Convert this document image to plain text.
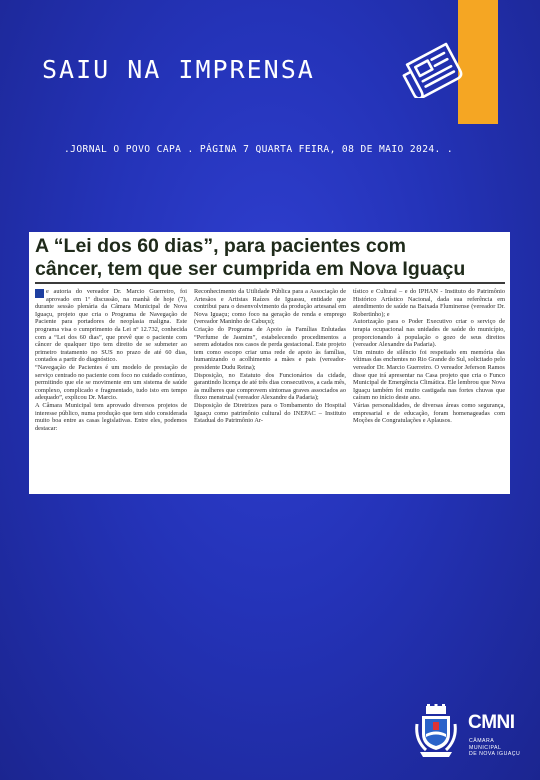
SAIU NA IMPRENSA
.JORNAL O POVO CAPA . PÁGINA 7 QUARTA FEIRA, 08 DE MAIO 2024. .
A “Lei dos 60 dias”, para pacientes com
câncer, tem que ser cumprida em Nova Iguaçu

e autoria do vereador Dr. Marcio Guerreiro, foi aprovado em 1ª discussão, na manhã de hoje (7), durante sessão plenária da Câmara Municipal de Nova Iguaçu, projeto que cria o Programa de Navegação de Paciente para portadores de neoplasia maligna. Este programa visa o cumprimento da Lei nº 12.732, conhecida com a “Lei dos 60 dias”, que prevê que o paciente com câncer de qualquer tipo tem direito de se submeter ao primeiro tratamento no SUS no prazo de até 60 dias, contados a partir do diagnóstico.

“Navegação de Pacientes é um modelo de prestação de serviço centrado no paciente com foco no cuidado contínuo, permitindo que ele se movimente em um sistema de saúde complexo, complicado e fragmentado, tudo isto em tempo adequado”, explicou Dr. Marcio.

A Câmara Municipal tem aprovado diversos projetos de interesse público, numa produção que tem sido considerada muito boa entre as casas legislativas. Entre eles, podemos destacar:

Reconhecimento da Utilidade Pública para a Associação de Artesãos e Artistas Raízes de Iguassu, entidade que contribui para o desenvolvimento da produção artesanal em Nova Iguaçu; como foco na geração de renda e emprego (vereador Maninho de Cabuçu);

Criação do Programa de Apoio às Famílias Enlutadas “Perfume de Jasmim”, estabelecendo procedimentos a serem adotados nos casos de perda gestacional. Este projeto tem como escopo criar uma rede de apoio às famílias, humanizando o acolhimento a mães e pais (vereador-presidente Dudu Reina);

Disposição, no Estatuto dos Funcionários da cidade, garantindo licença de até três dias consecutivos, a cada mês, às mulheres que comprovem sintomas graves associados ao fluxo menstrual (vereador Alexandre da Padaria);

Disposição de Diretrizes para o Tombamento do Hospital Iguaçu como patrimônio cultural do INEPAC – Instituto Estadual do Patrimônio Ar-

tístico e Cultural – e do IPHAN - Instituto do Patrimônio Histórico Artístico Nacional, dada sua referência em atendimento de saúde na Baixada Fluminense (vereador Dr. Robertinho); e

Autorização para o Poder Executivo criar o serviço de terapia ocupacional nas unidades de saúde do município, proporcionando à população o gozo de seus direitos (vereador Alexandre da Padaria).

Um minuto de silêncio foi respeitado em memória das vítimas das enchentes no Rio Grande do Sul, solicitado pelo vereador Dr. Marcio Guerreiro. O vereador Jeferson Ramos disse que irá apresentar na Casa projeto que cria o Funco Municipal de Emergência Climática. Ele lembrou que Nova Iguaçu também foi muito castigada nas fortes chuvas que caíram no início deste ano.

Várias personalidades, de diversas áreas como segurança, empresarial e de educação, foram homenageadas com Moções de Congratulações e Aplausos.

CMNI
CÂMARA MUNICIPAL
DE NOVA IGUAÇU
